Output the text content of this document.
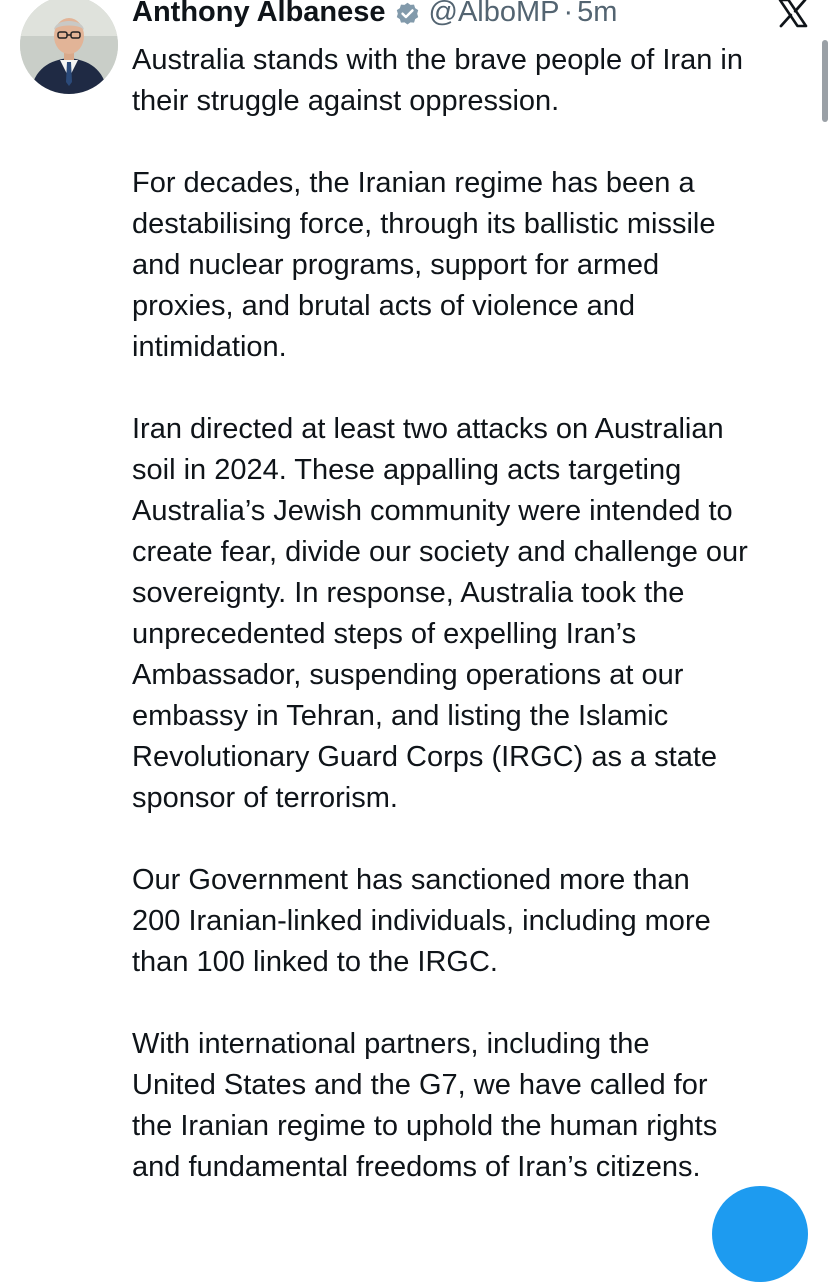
Anthony Albanese @AlboMP · 5m

Australia stands with the brave people of Iran in
their struggle against oppression.

For decades, the Iranian regime has been a
destabilising force, through its ballistic missile
and nuclear programs, support for armed
proxies, and brutal acts of violence and
intimidation.

Iran directed at least two attacks on Australian
soil in 2024. These appalling acts targeting
Australia’s Jewish community were intended to
create fear, divide our society and challenge our
sovereignty. In response, Australia took the
unprecedented steps of expelling Iran’s
Ambassador, suspending operations at our
embassy in Tehran, and listing the Islamic
Revolutionary Guard Corps (IRGC) as a state
sponsor of terrorism.

Our Government has sanctioned more than
200 Iranian-linked individuals, including more
than 100 linked to the IRGC.

With international partners, including the
United States and the G7, we have called for
the Iranian regime to uphold the human rights
and fundamental freedoms of Iran’s citizens.
